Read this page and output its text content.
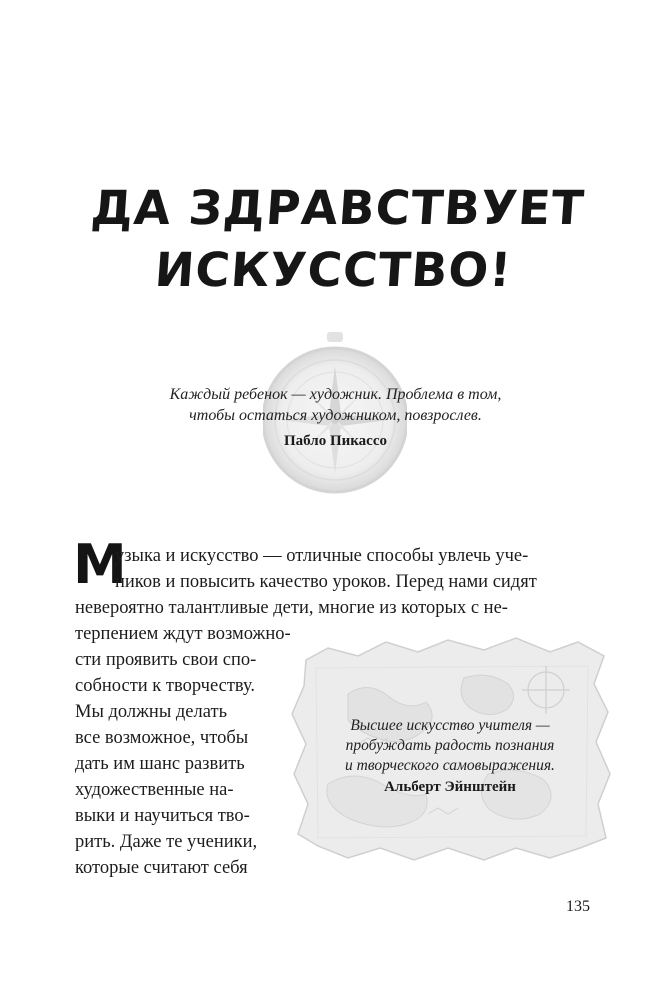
ДА ЗДРАВСТВУЕТ
ИСКУССТВО!
Каждый ребенок — художник. Проблема в том,
чтобы остаться художником, повзрослев.
Пабло Пикассо
М
узыка и искусство — отличные способы увлечь уче-
ников и повысить качество уроков. Перед нами сидят
невероятно талантливые дети, многие из которых с не-
терпением ждут возможно-
сти проявить свои спо-
собности к творчеству.
Мы должны делать
все возможное, чтобы
дать им шанс развить
художественные на-
выки и научиться тво-
рить. Даже те ученики,
которые считают себя
Высшее искусство учителя —
пробуждать радость познания
и творческого самовыражения.
Альберт Эйнштейн
135
